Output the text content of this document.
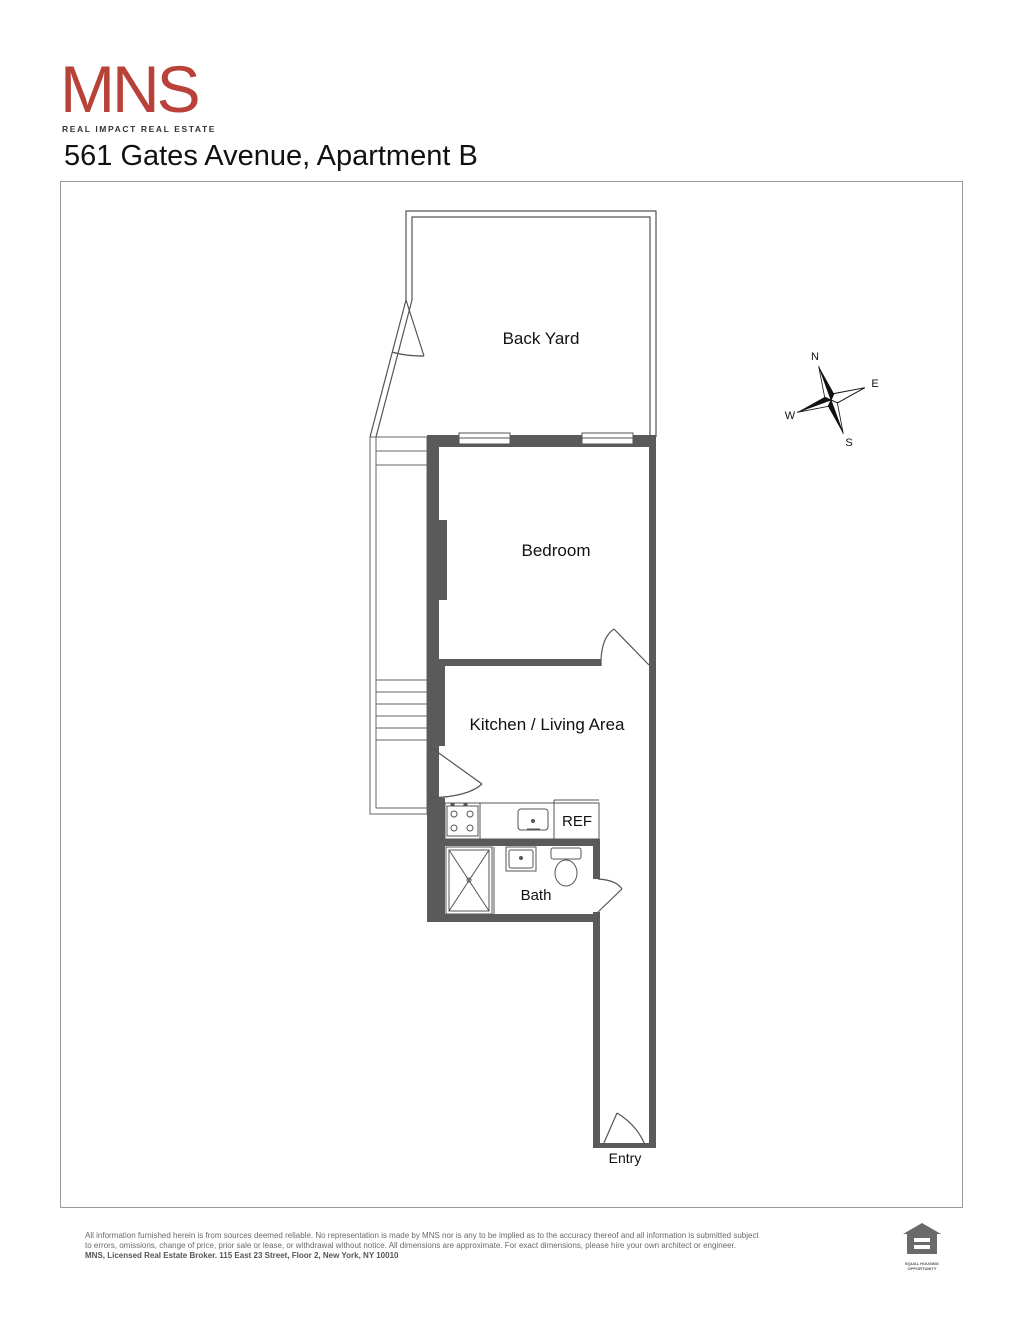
MNS
REAL IMPACT REAL ESTATE
561 Gates Avenue, Apartment B
Back Yard
Bedroom
Kitchen / Living Area
REF
Bath
Entry
N
E
S
W
All information furnished herein is from sources deemed reliable. No representation is made by MNS nor is any to be implied as to the accuracy thereof and all information is submitted subject
to errors, omissions, change of price, prior sale or lease, or withdrawal without notice. All dimensions are approximate. For exact dimensions, please hire your own architect or engineer.
MNS, Licensed Real Estate Broker. 115 East 23 Street, Floor 2, New York, NY 10010
EQUAL HOUSING
OPPORTUNITY
